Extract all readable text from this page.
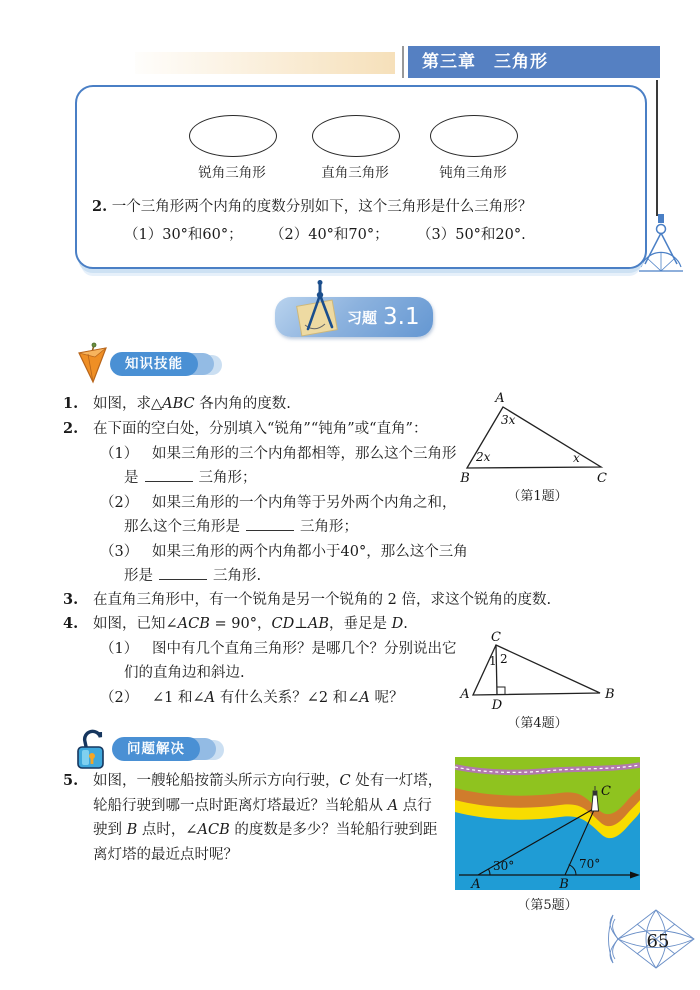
第三章　三角形
锐角三角形	直角三角形	钝角三角形
2. 一个三角形两个内角的度数分别如下，这个三角形是什么三角形？
（1）30°和60°； （2）40°和70°； （3）50°和20°.
习题 3.1
知识技能
1. 如图，求△ABC 各内角的度数.
2. 在下面的空白处，分别填入“锐角”“钝角”或“直角”：
（1） 如果三角形的三个内角都相等，那么这个三角形
是	三角形；
（2） 如果三角形的一个内角等于另外两个内角之和，
那么这个三角形是	三角形；
（3） 如果三角形的两个内角都小于40°，那么这个三角
形是	三角形.
A
B	C
3x
2x	x
（第1题）
3. 在直角三角形中，有一个锐角是另一个锐角的 2 倍，求这个锐角的度数.
4. 如图，已知∠ACB = 90°，CD⊥AB，垂足是 D.
（1） 图中有几个直角三角形？是哪几个？分别说出它
们的直角边和斜边.
（2） ∠1 和∠A 有什么关系？∠2 和∠A 呢？
C
A	B
D
1 2
（第4题）
问题解决
5. 如图，一艘轮船按箭头所示方向行驶，C 处有一灯塔，
轮船行驶到哪一点时距离灯塔最近？当轮船从 A 点行
驶到 B 点时，∠ACB 的度数是多少？当轮船行驶到距
离灯塔的最近点时呢？
30°	70°
A	B
C
（第5题）
65
